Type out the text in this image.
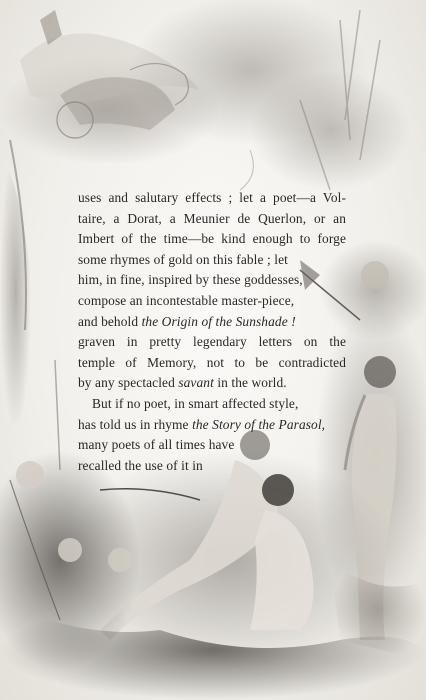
uses and salutary effects ; let a poet—a Vol-
taire, a Dorat, a Meunier de Querlon, or an
Imbert of the time—be kind enough to forge
some rhymes of gold on this fable ; let
him, in fine, inspired by these goddesses,
compose an incontestable master-piece,
and behold the Origin of the Sunshade !
graven in pretty legendary letters on the
temple of Memory, not to be contradicted
by any spectacled savant in the world.
But if no poet, in smart affected style,
has told us in rhyme the Story of the Parasol,
many poets of all times have
recalled the use of it in
